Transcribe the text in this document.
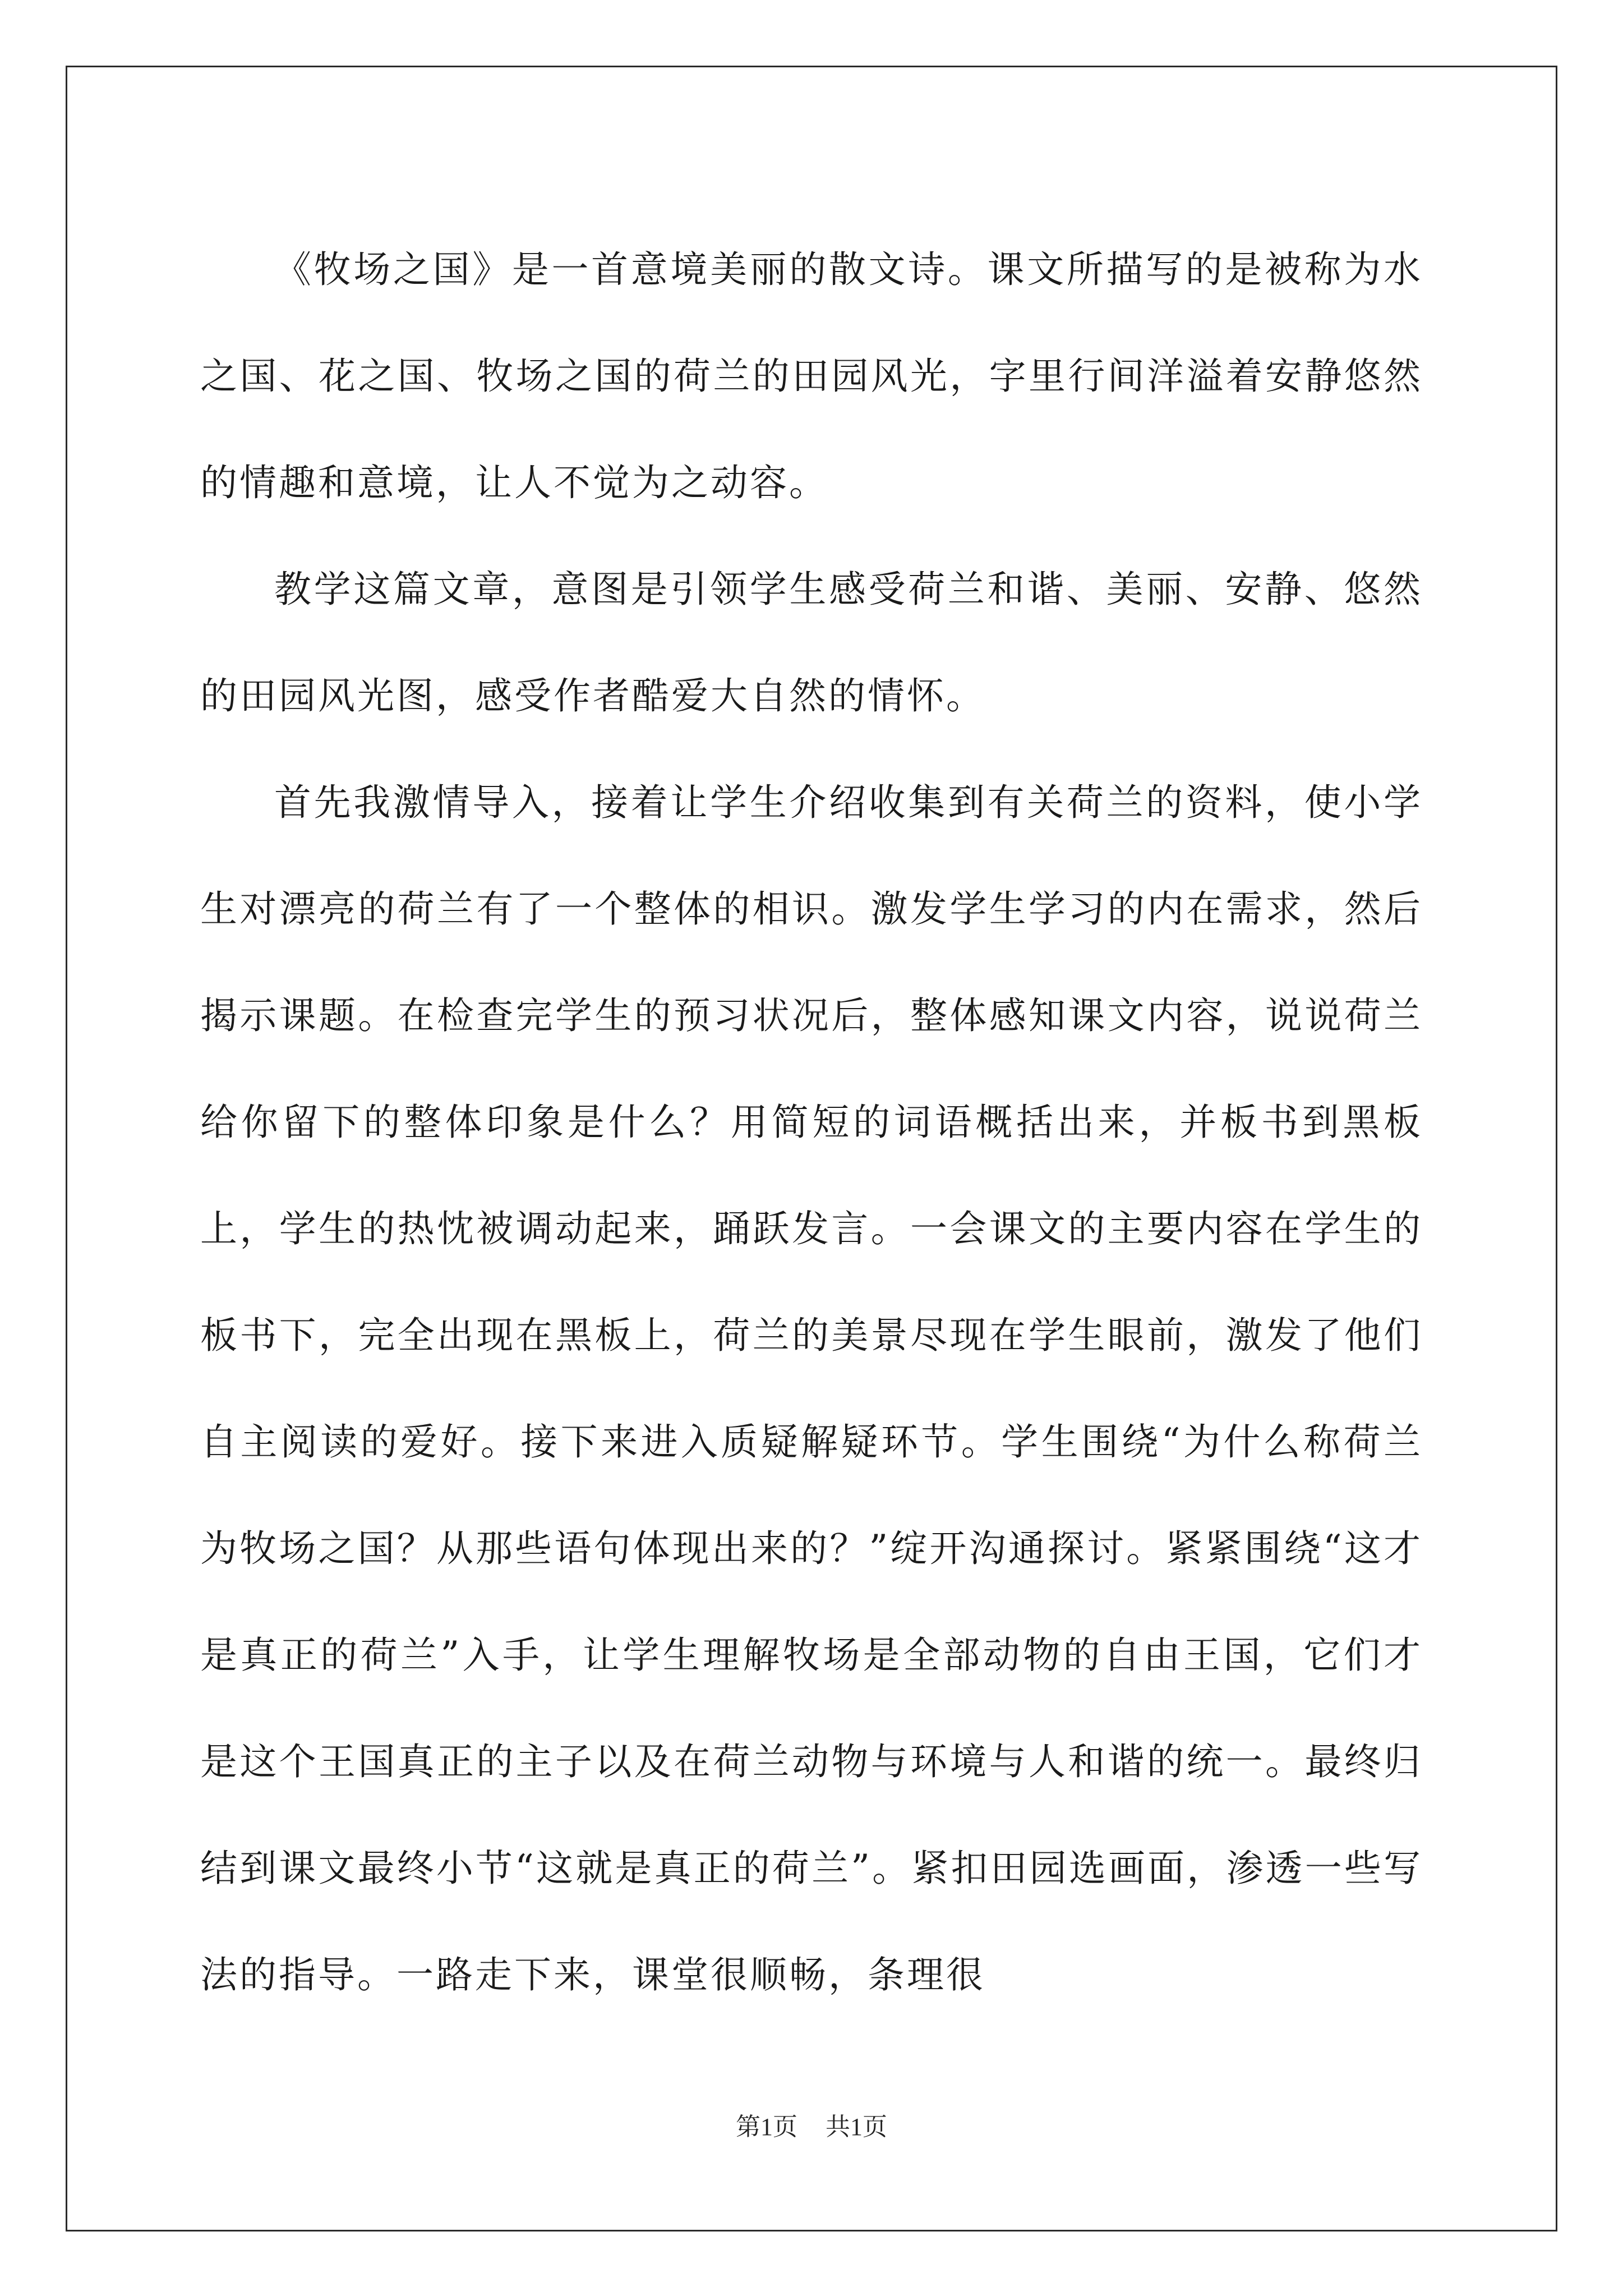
《牧场之国》是一首意境美丽的散文诗。课文所描写的是被称为水之国、花之国、牧场之国的荷兰的田园风光，字里行间洋溢着安静悠然的情趣和意境，让人不觉为之动容。

教学这篇文章，意图是引领学生感受荷兰和谐、美丽、安静、悠然的田园风光图，感受作者酷爱大自然的情怀。

首先我激情导入，接着让学生介绍收集到有关荷兰的资料，使小学生对漂亮的荷兰有了一个整体的相识。激发学生学习的内在需求，然后揭示课题。在检查完学生的预习状况后，整体感知课文内容，说说荷兰给你留下的整体印象是什么？用简短的词语概括出来，并板书到黑板上，学生的热忱被调动起来，踊跃发言。一会课文的主要内容在学生的板书下，完全出现在黑板上，荷兰的美景尽现在学生眼前，激发了他们自主阅读的爱好。接下来进入质疑解疑环节。学生围绕“为什么称荷兰为牧场之国？从那些语句体现出来的？”绽开沟通探讨。紧紧围绕“这才是真正的荷兰”入手，让学生理解牧场是全部动物的自由王国，它们才是这个王国真正的主子以及在荷兰动物与环境与人和谐的统一。最终归结到课文最终小节“这就是真正的荷兰”。紧扣田园选画面，渗透一些写法的指导。一路走下来，课堂很顺畅，条理很

第1页 共1页
